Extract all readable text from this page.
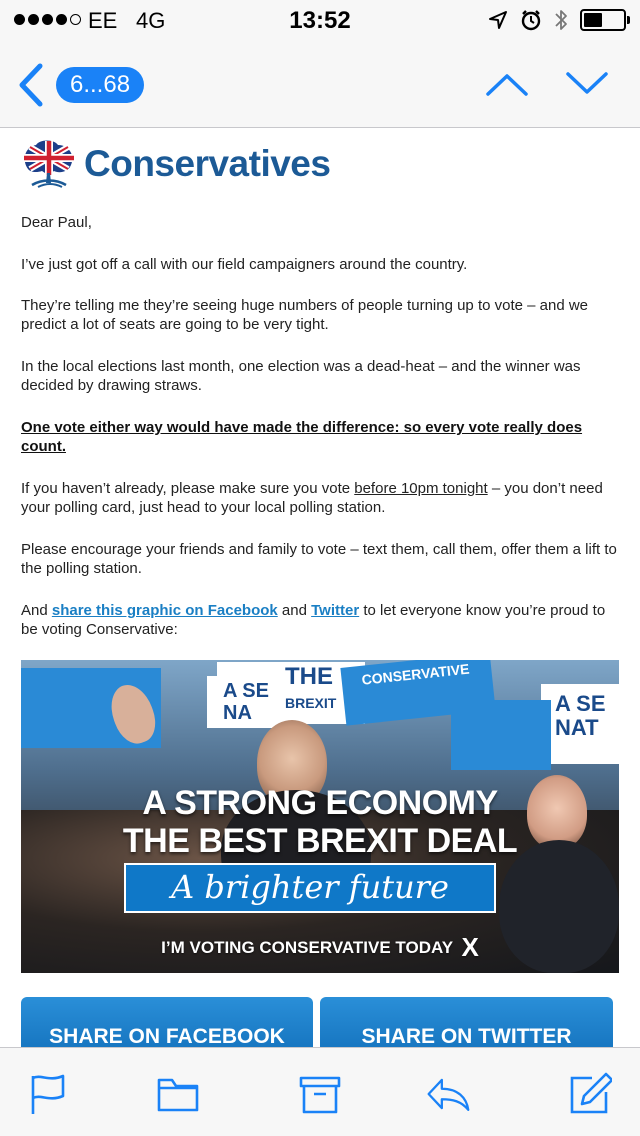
EE 4G	13:52
6...68
Conservatives

Dear Paul,

I’ve just got off a call with our field campaigners around the country.

They’re telling me they’re seeing huge numbers of people turning up to vote – and we predict a lot of seats are going to be very tight.

In the local elections last month, one election was a dead-heat – and the winner was decided by drawing straws.

One vote either way would have made the difference: so every vote really does count.

If you haven’t already, please make sure you vote before 10pm tonight – you don’t need your polling card, just head to your local polling station.

Please encourage your friends and family to vote – text them, call them, offer them a lift to the polling station.

And share this graphic on Facebook and Twitter to let everyone know you’re proud to be voting Conservative:

THE
BREXIT
CONSERVATIVE
A SE
NA	A SE
NAT
A STRONG ECONOMY
THE BEST BREXIT DEAL
A brighter future
I’M VOTING CONSERVATIVE TODAY X
SHARE ON FACEBOOK	SHARE ON TWITTER
